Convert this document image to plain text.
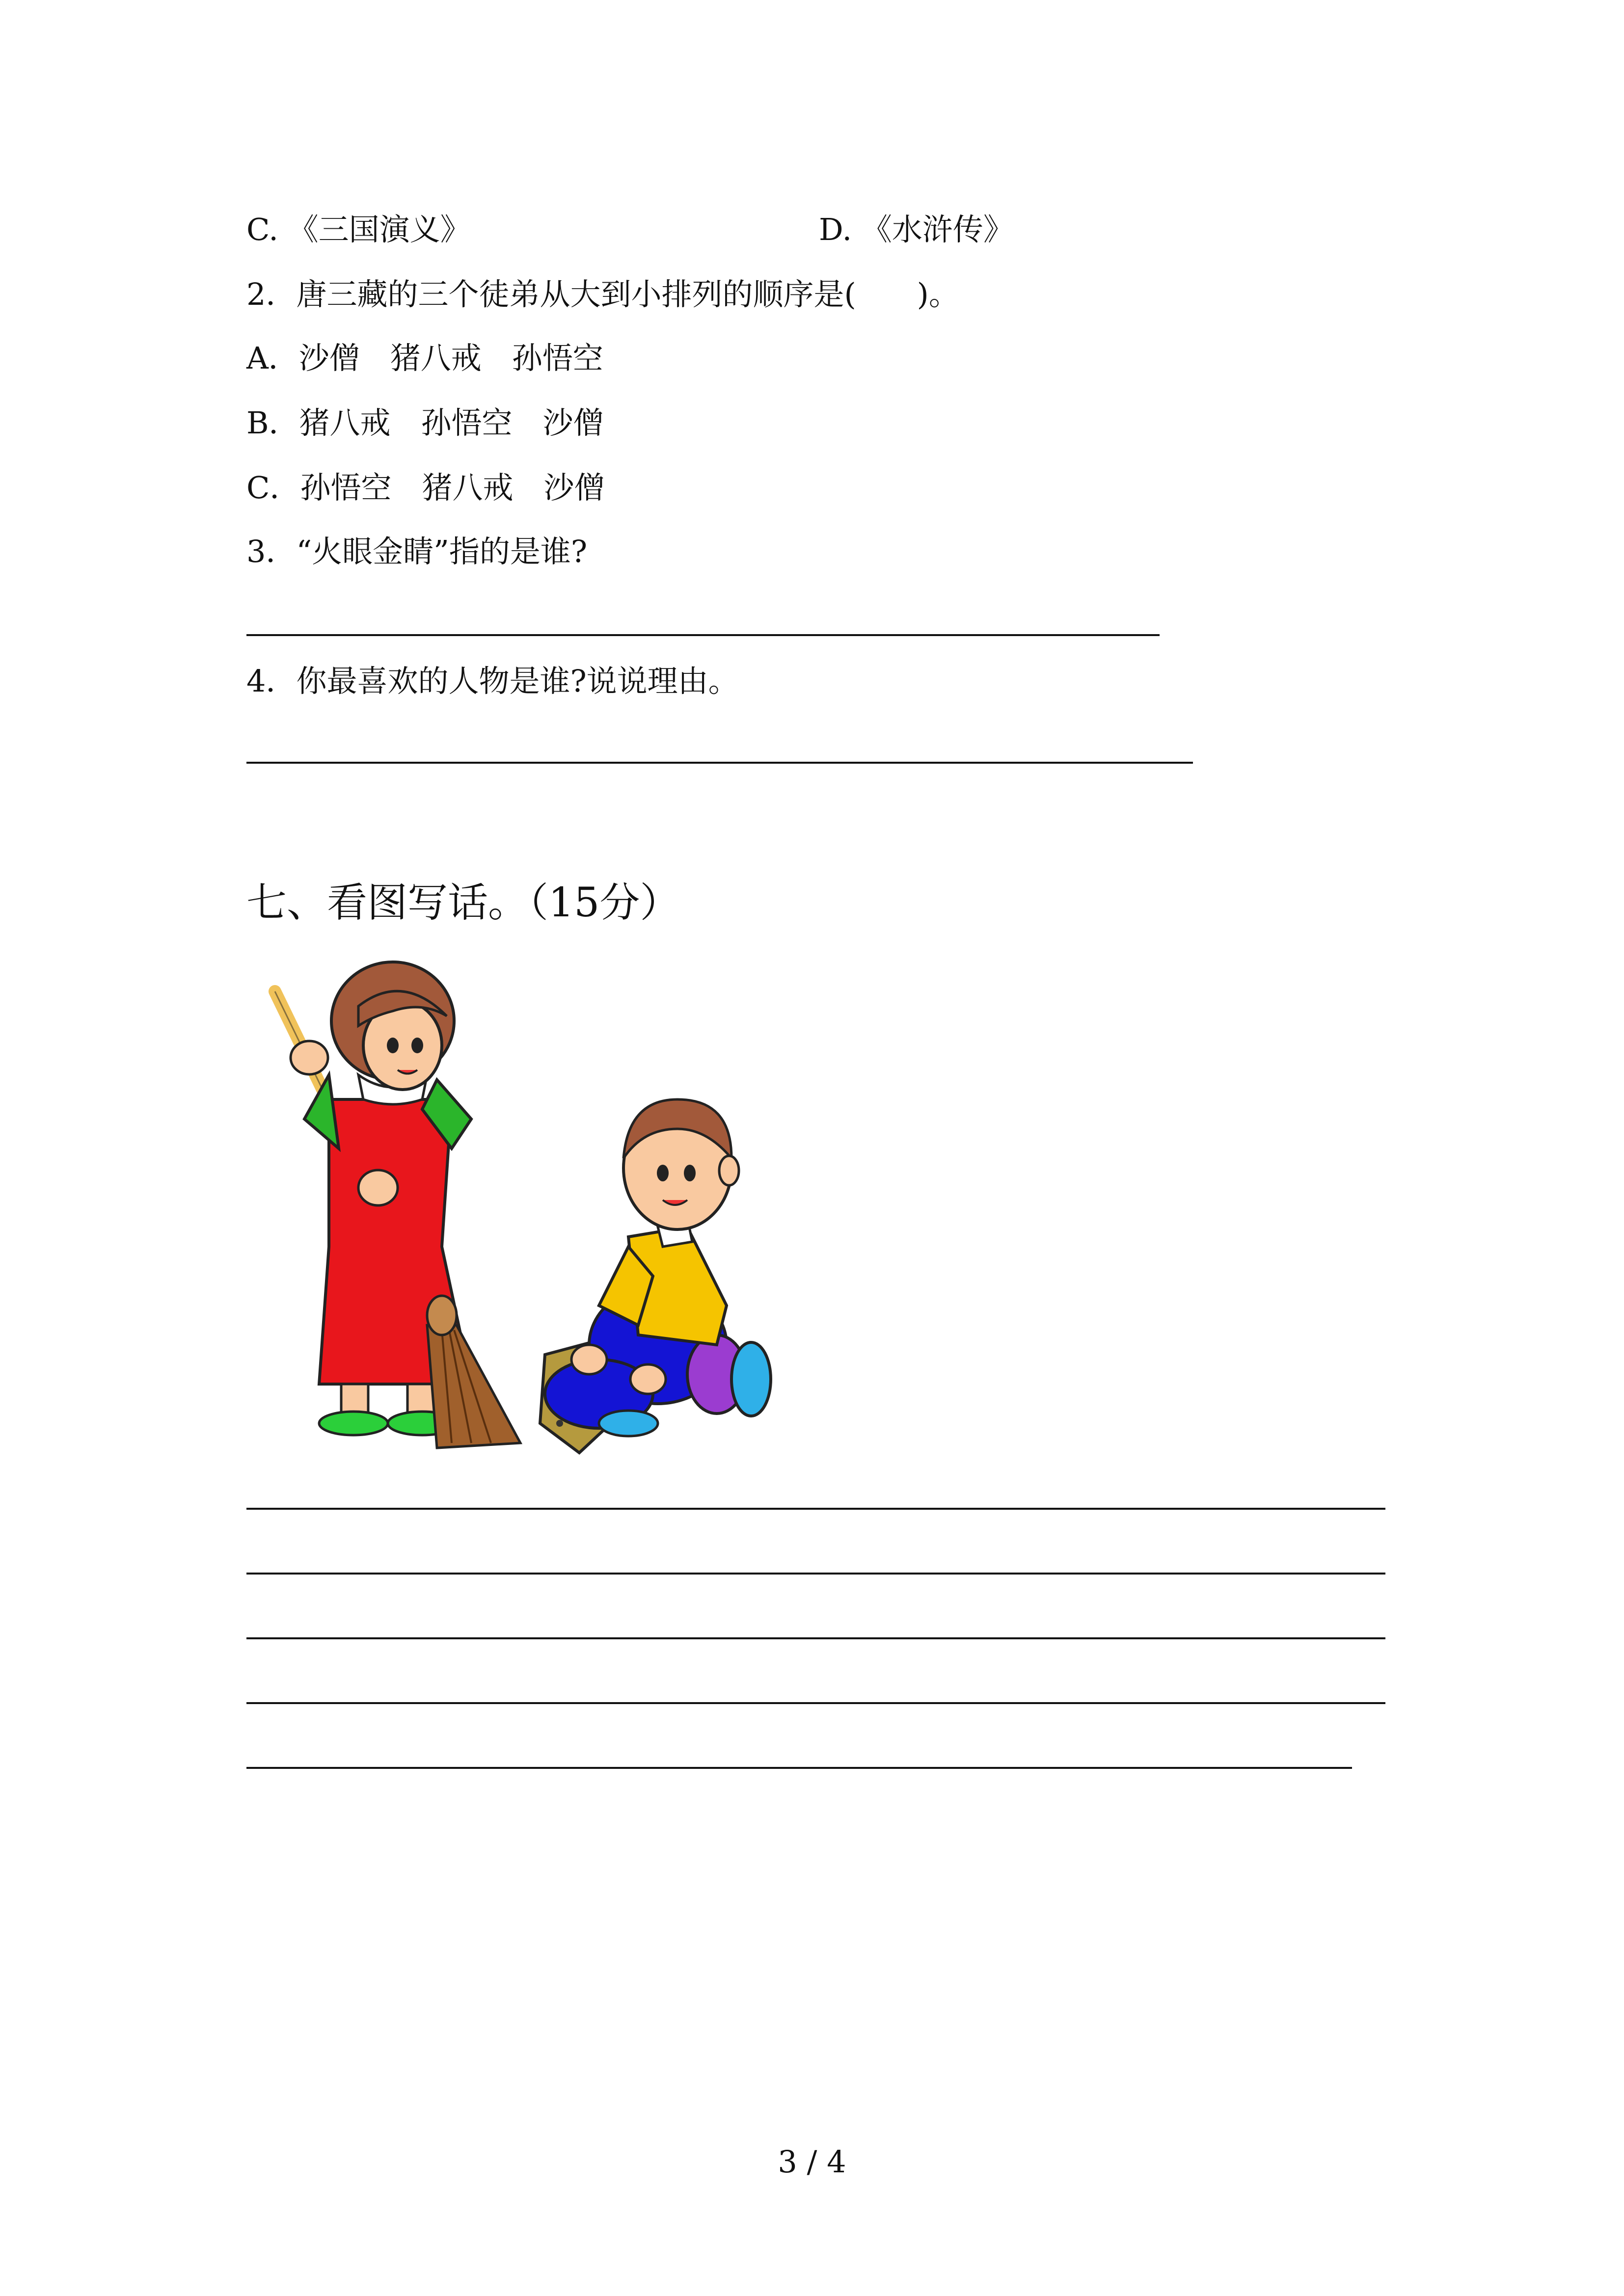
C. 《三国演义》	D. 《水浒传》
2．唐三藏的三个徒弟从大到小排列的顺序是(　　)。
A．沙僧　猪八戒　孙悟空
B．猪八戒　孙悟空　沙僧
C．孙悟空　猪八戒　沙僧
3．“火眼金睛”指的是谁?
4．你最喜欢的人物是谁?说说理由。
七、看图写话。（15分）
3 / 4
